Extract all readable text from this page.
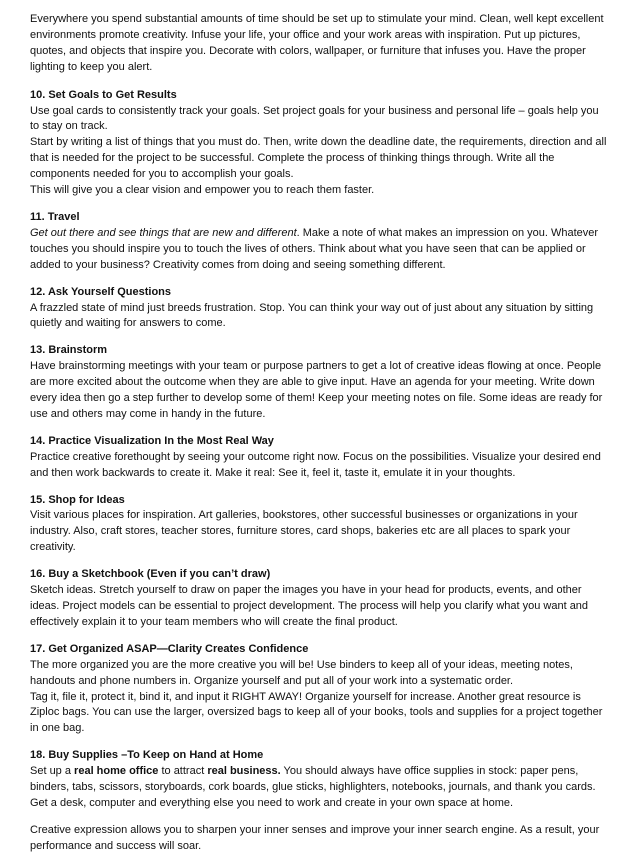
Everywhere you spend substantial amounts of time should be set up to stimulate your mind. Clean, well kept excellent environments promote creativity. Infuse your life, your office and your work areas with inspiration. Put up pictures, quotes, and objects that inspire you. Decorate with colors, wallpaper, or furniture that infuses you. Have the proper lighting to keep you alert.

10. Set Goals to Get Results

Use goal cards to consistently track your goals. Set project goals for your business and personal life – goals help you to stay on track.

Start by writing a list of things that you must do. Then, write down the deadline date, the requirements, direction and all that is needed for the project to be successful. Complete the process of thinking things through. Write all the components needed for you to accomplish your goals.

This will give you a clear vision and empower you to reach them faster.

11. Travel

Get out there and see things that are new and different. Make a note of what makes an impression on you. Whatever touches you should inspire you to touch the lives of others. Think about what you have seen that can be applied or added to your business? Creativity comes from doing and seeing something different.

12. Ask Yourself Questions

A frazzled state of mind just breeds frustration. Stop. You can think your way out of just about any situation by sitting quietly and waiting for answers to come.

13. Brainstorm

Have brainstorming meetings with your team or purpose partners to get a lot of creative ideas flowing at once. People are more excited about the outcome when they are able to give input. Have an agenda for your meeting. Write down every idea then go a step further to develop some of them! Keep your meeting notes on file. Some ideas are ready for use and others may come in handy in the future.

14. Practice Visualization In the Most Real Way

Practice creative forethought by seeing your outcome right now. Focus on the possibilities. Visualize your desired end and then work backwards to create it. Make it real: See it, feel it, taste it, emulate it in your thoughts.

15. Shop for Ideas

Visit various places for inspiration. Art galleries, bookstores, other successful businesses or organizations in your industry. Also, craft stores, teacher stores, furniture stores, card shops, bakeries etc are all places to spark your creativity.

16. Buy a Sketchbook (Even if you can’t draw)

Sketch ideas. Stretch yourself to draw on paper the images you have in your head for products, events, and other ideas. Project models can be essential to project development. The process will help you clarify what you want and effectively explain it to your team members who will create the final product.

17. Get Organized ASAP—Clarity Creates Confidence

The more organized you are the more creative you will be! Use binders to keep all of your ideas, meeting notes, handouts and phone numbers in. Organize yourself and put all of your work into a systematic order.

Tag it, file it, protect it, bind it, and input it RIGHT AWAY! Organize yourself for increase. Another great resource is Ziploc bags. You can use the larger, oversized bags to keep all of your books, tools and supplies for a project together in one bag.

18. Buy Supplies –To Keep on Hand at Home

Set up a real home office to attract real business. You should always have office supplies in stock: paper pens, binders, tabs, scissors, storyboards, cork boards, glue sticks, highlighters, notebooks, journals, and thank you cards. Get a desk, computer and everything else you need to work and create in your own space at home.

Creative expression allows you to sharpen your inner senses and improve your inner search engine. As a result, your performance and success will soar.
